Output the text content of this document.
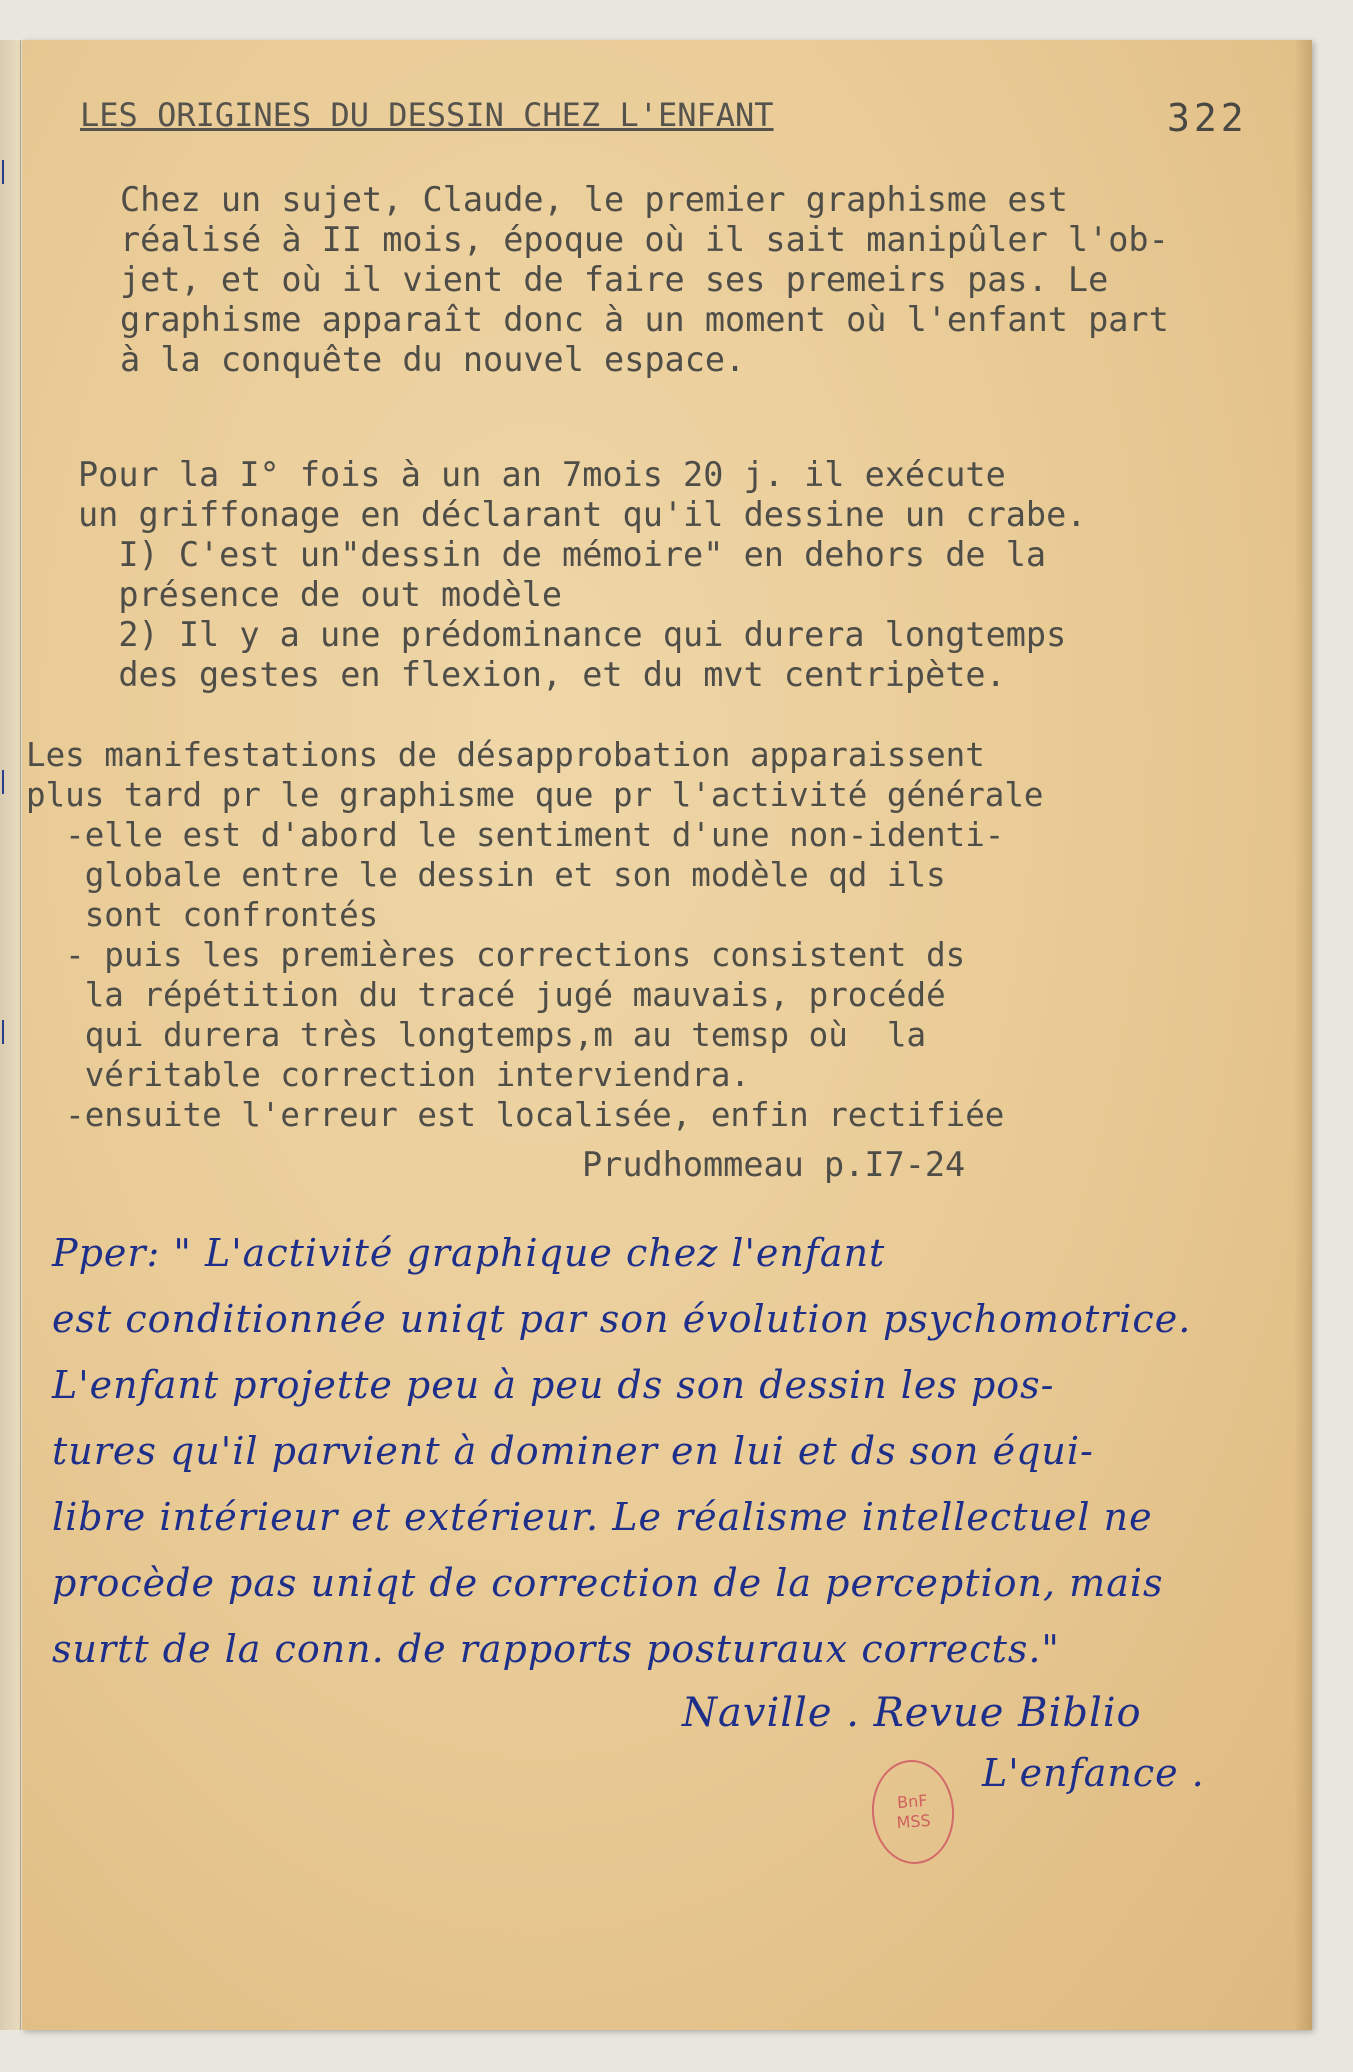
LES ORIGINES DU DESSIN CHEZ L'ENFANT	322

Chez un sujet, Claude, le premier graphisme est
réalisé à II mois, époque où il sait manipûler l'ob-
jet, et où il vient de faire ses premeirs pas. Le
graphisme apparaît donc à un moment où l'enfant part
à la conquête du nouvel espace.
Pour la I° fois à un an 7mois 20 j. il exécute
un griffonage en déclarant qu'il dessine un crabe.
I) C'est un"dessin de mémoire" en dehors de la
présence de out modèle
2) Il y a une prédominance qui durera longtemps
des gestes en flexion, et du mvt centripète.
Les manifestations de désapprobation apparaissent
plus tard pr le graphisme que pr l'activité générale
-elle est d'abord le sentiment d'une non-identi-
globale entre le dessin et son modèle qd ils
sont confrontés
- puis les premières corrections consistent ds
la répétition du tracé jugé mauvais, procédé
qui durera très longtemps,m au temsp où  la
véritable correction interviendra.
-ensuite l'erreur est localisée, enfin rectifiée
Prudhommeau p.I7-24
Pper: " L'activité graphique chez l'enfant
est conditionnée uniqt par son évolution psychomotrice.
L'enfant projette peu à peu ds son dessin les pos-
tures qu'il parvient à dominer en lui et ds son équi-
libre intérieur et extérieur. Le réalisme intellectuel ne
procède pas uniqt de correction de la perception, mais
surtt de la conn. de rapports posturaux corrects."
Naville . Revue Biblio
L'enfance .
BnF
MSS
